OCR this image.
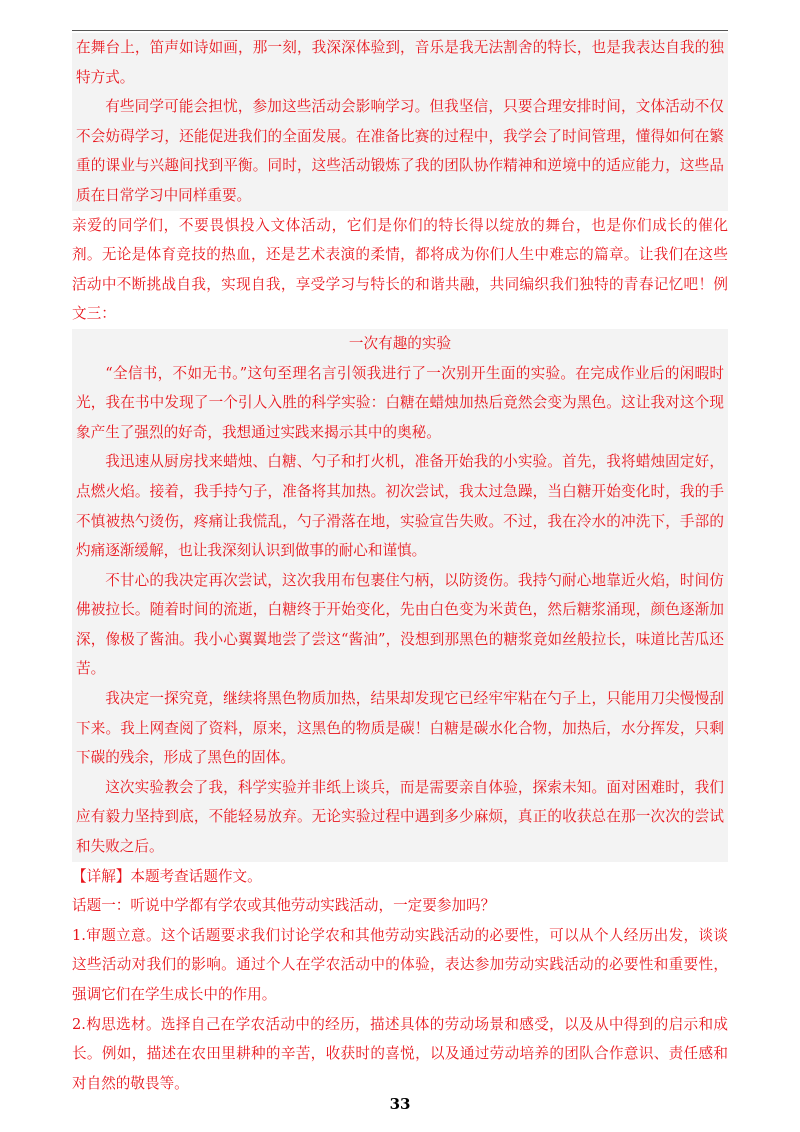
在舞台上，笛声如诗如画，那一刻，我深深体验到，音乐是我无法割舍的特长，也是我表达自我的独特方式。

有些同学可能会担忧，参加这些活动会影响学习。但我坚信，只要合理安排时间，文体活动不仅不会妨碍学习，还能促进我们的全面发展。在准备比赛的过程中，我学会了时间管理，懂得如何在繁重的课业与兴趣间找到平衡。同时，这些活动锻炼了我的团队协作精神和逆境中的适应能力，这些品质在日常学习中同样重要。

亲爱的同学们，不要畏惧投入文体活动，它们是你们的特长得以绽放的舞台，也是你们成长的催化剂。无论是体育竞技的热血，还是艺术表演的柔情，都将成为你们人生中难忘的篇章。让我们在这些活动中不断挑战自我，实现自我，享受学习与特长的和谐共融，共同编织我们独特的青春记忆吧！例文三：

一次有趣的实验

“全信书，不如无书。”这句至理名言引领我进行了一次别开生面的实验。在完成作业后的闲暇时光，我在书中发现了一个引人入胜的科学实验：白糖在蜡烛加热后竟然会变为黑色。这让我对这个现象产生了强烈的好奇，我想通过实践来揭示其中的奥秘。

我迅速从厨房找来蜡烛、白糖、勺子和打火机，准备开始我的小实验。首先，我将蜡烛固定好，点燃火焰。接着，我手持勺子，准备将其加热。初次尝试，我太过急躁，当白糖开始变化时，我的手不慎被热勺烫伤，疼痛让我慌乱，勺子滑落在地，实验宣告失败。不过，我在冷水的冲洗下，手部的灼痛逐渐缓解，也让我深刻认识到做事的耐心和谨慎。

不甘心的我决定再次尝试，这次我用布包裹住勺柄，以防烫伤。我持勺耐心地靠近火焰，时间仿佛被拉长。随着时间的流逝，白糖终于开始变化，先由白色变为米黄色，然后糖浆涌现，颜色逐渐加深，像极了酱油。我小心翼翼地尝了尝这“酱油”，没想到那黑色的糖浆竟如丝般拉长，味道比苦瓜还苦。

我决定一探究竟，继续将黑色物质加热，结果却发现它已经牢牢粘在勺子上，只能用刀尖慢慢刮下来。我上网查阅了资料，原来，这黑色的物质是碳！白糖是碳水化合物，加热后，水分挥发，只剩下碳的残余，形成了黑色的固体。

这次实验教会了我，科学实验并非纸上谈兵，而是需要亲自体验，探索未知。面对困难时，我们应有毅力坚持到底，不能轻易放弃。无论实验过程中遇到多少麻烦，真正的收获总在那一次次的尝试和失败之后。

【详解】本题考查话题作文。

话题一：听说中学都有学农或其他劳动实践活动，一定要参加吗？

1.审题立意。这个话题要求我们讨论学农和其他劳动实践活动的必要性，可以从个人经历出发，谈谈这些活动对我们的影响。通过个人在学农活动中的体验，表达参加劳动实践活动的必要性和重要性，强调它们在学生成长中的作用。

2.构思选材。选择自己在学农活动中的经历，描述具体的劳动场景和感受，以及从中得到的启示和成长。例如，描述在农田里耕种的辛苦，收获时的喜悦，以及通过劳动培养的团队合作意识、责任感和对自然的敬畏等。

33
